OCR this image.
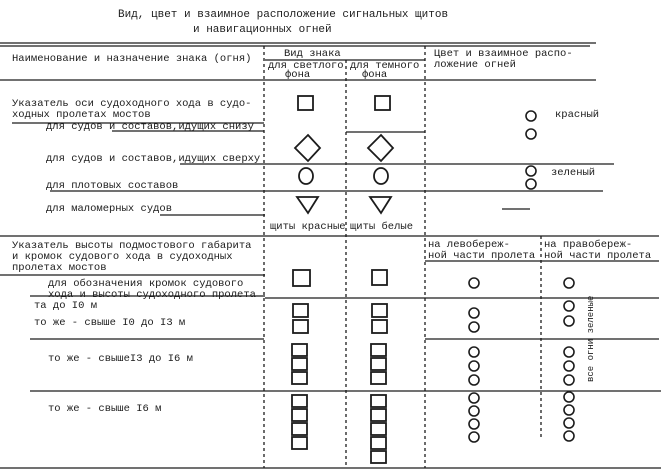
Вид, цвет и взаимное расположение сигнальных щитов
и навигационных огней
Наименование и назначение знака (огня)	Вид знака
для светлого
фона
для темного
фона
Цвет и взаимное распо-
ложение огней
Указатель оси судоходного хода в судо-
ходных пролетах мостов
для судов и составов,идущих снизу
для судов и составов,идущих сверху
для плотовых составов
для маломерных судов
красный
зеленый
щиты красные щиты белые
Указатель высоты подмостового габарита
и кромок судового хода в судоходных
пролетах мостов
на левобереж-
ной части пролета
на правобереж-
ной части пролета
для обозначения кромок судового
хода и высоты судоходного пролета
та до I0 м
то же - свыше I0 до I3 м
то же - свышеI3 до I6 м
то же - свыше I6 м
все огни зеленые
